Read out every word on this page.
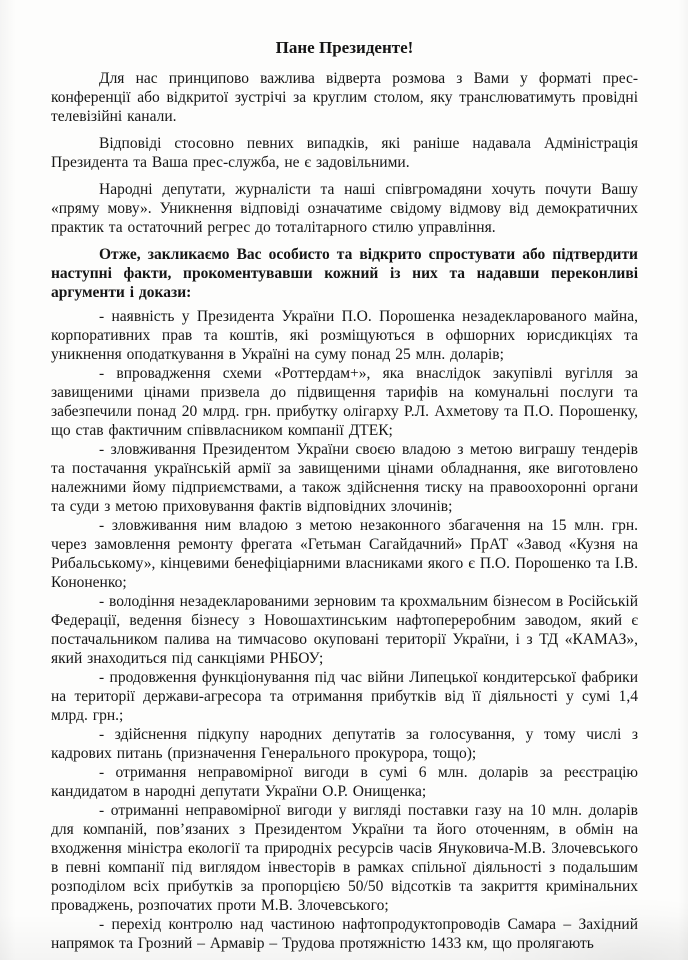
Пане Президенте!

Для нас принципово важлива відверта розмова з Вами у форматі прес-конференції або відкритої зустрічі за круглим столом, яку транслюватимуть провідні телевізійні канали.

Відповіді стосовно певних випадків, які раніше надавала Адміністрація Президента та Ваша прес-служба, не є задовільними.

Народні депутати, журналісти та наші співгромадяни хочуть почути Вашу «пряму мову». Уникнення відповіді означатиме свідому відмову від демократичних практик та остаточний регрес до тоталітарного стилю управління.

Отже, закликаємо Вас особисто та відкрито спростувати або підтвердити наступні факти, прокоментувавши кожний із них та надавши переконливі аргументи і докази:

- наявність у Президента України П.О. Порошенка незадекларованого майна, корпоративних прав та коштів, які розміщуються в офшорних юрисдикціях та уникнення оподаткування в Україні на суму понад 25 млн. доларів;

- впровадження схеми «Роттердам+», яка внаслідок закупівлі вугілля за завищеними цінами призвела до підвищення тарифів на комунальні послуги та забезпечили понад 20 млрд. грн. прибутку олігарху Р.Л. Ахметову та П.О. Порошенку, що став фактичним співвласником компанії ДТЕК;

- зловживання Президентом України своєю владою з метою виграшу тендерів та постачання українській армії за завищеними цінами обладнання, яке виготовлено належними йому підприємствами, а також здійснення тиску на правоохоронні органи та суди з метою приховування фактів відповідних злочинів;

- зловживання ним владою з метою незаконного збагачення на 15 млн. грн. через замовлення ремонту фрегата «Гетьман Сагайдачний» ПрАТ «Завод «Кузня на Рибальському», кінцевими бенефіціарними власниками якого є П.О. Порошенко та І.В. Кононенко;

- володіння незадекларованими зерновим та крохмальним бізнесом в Російській Федерації, ведення бізнесу з Новошахтинським нафтопереробним заводом, який є постачальником палива на тимчасово окуповані території України, і з ТД «КАМАЗ», який знаходиться під санкціями РНБОУ;

- продовження функціонування під час війни Липецької кондитерської фабрики на території держави-агресора та отримання прибутків від її діяльності у сумі 1,4 млрд. грн.;

- здійснення підкупу народних депутатів за голосування, у тому числі з кадрових питань (призначення Генерального прокурора, тощо);

- отримання неправомірної вигоди в сумі 6 млн. доларів за реєстрацію кандидатом в народні депутати України О.Р. Онищенка;

- отриманні неправомірної вигоди у вигляді поставки газу на 10 млн. доларів для компаній, пов’язаних з Президентом України та його оточенням, в обмін на входження міністра екології та природніх ресурсів часів Януковича-М.В. Злочевського в певні компанії під виглядом інвесторів в рамках спільної діяльності з подальшим розподілом всіх прибутків за пропорцією 50/50 відсотків та закриття кримінальних проваджень, розпочатих проти М.В. Злочевського;

- перехід контролю над частиною нафтопродуктопроводів Самара – Західний напрямок та Грозний – Армавір – Трудова протяжністю 1433 км, що пролягають
